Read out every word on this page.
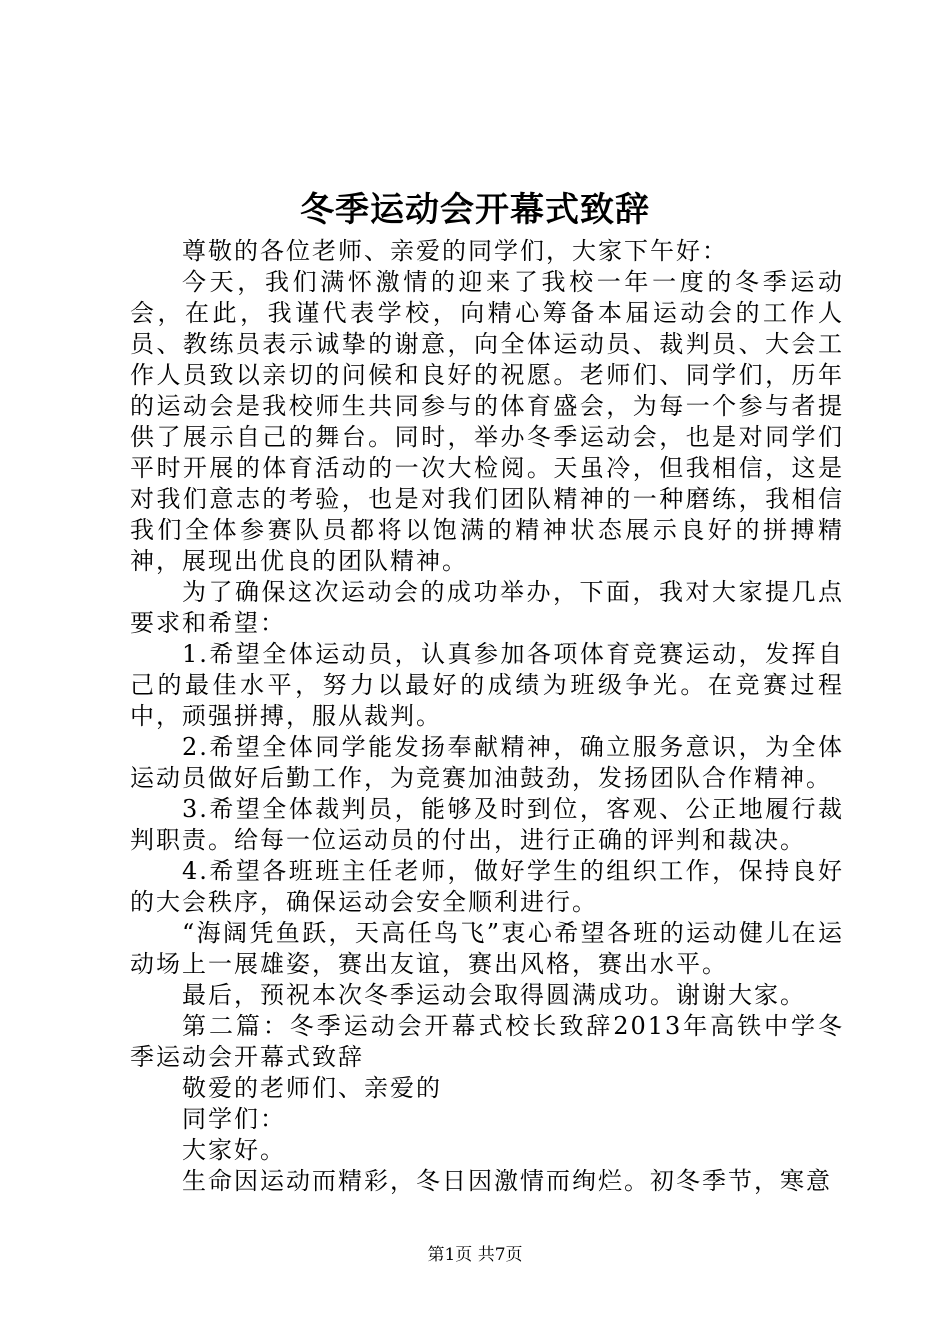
冬季运动会开幕式致辞

尊敬的各位老师、亲爱的同学们，大家下午好：

今天，我们满怀激情的迎来了我校一年一度的冬季运动会，在此，我谨代表学校，向精心筹备本届运动会的工作人员、教练员表示诚挚的谢意，向全体运动员、裁判员、大会工作人员致以亲切的问候和良好的祝愿。老师们、同学们，历年的运动会是我校师生共同参与的体育盛会，为每一个参与者提供了展示自己的舞台。同时，举办冬季运动会，也是对同学们平时开展的体育活动的一次大检阅。天虽冷，但我相信，这是对我们意志的考验，也是对我们团队精神的一种磨练，我相信我们全体参赛队员都将以饱满的精神状态展示良好的拼搏精神，展现出优良的团队精神。

为了确保这次运动会的成功举办，下面，我对大家提几点要求和希望：

1.希望全体运动员，认真参加各项体育竞赛运动，发挥自己的最佳水平，努力以最好的成绩为班级争光。在竞赛过程中，顽强拼搏，服从裁判。

2.希望全体同学能发扬奉献精神，确立服务意识，为全体运动员做好后勤工作，为竞赛加油鼓劲，发扬团队合作精神。

3.希望全体裁判员，能够及时到位，客观、公正地履行裁判职责。给每一位运动员的付出，进行正确的评判和裁决。

4.希望各班班主任老师，做好学生的组织工作，保持良好的大会秩序，确保运动会安全顺利进行。

“海阔凭鱼跃，天高任鸟飞”衷心希望各班的运动健儿在运动场上一展雄姿，赛出友谊，赛出风格，赛出水平。

最后，预祝本次冬季运动会取得圆满成功。谢谢大家。

第二篇：冬季运动会开幕式校长致辞2013年高铁中学冬季运动会开幕式致辞

敬爱的老师们、亲爱的

同学们：

大家好。

生命因运动而精彩，冬日因激情而绚烂。初冬季节，寒意

第1页 共7页
